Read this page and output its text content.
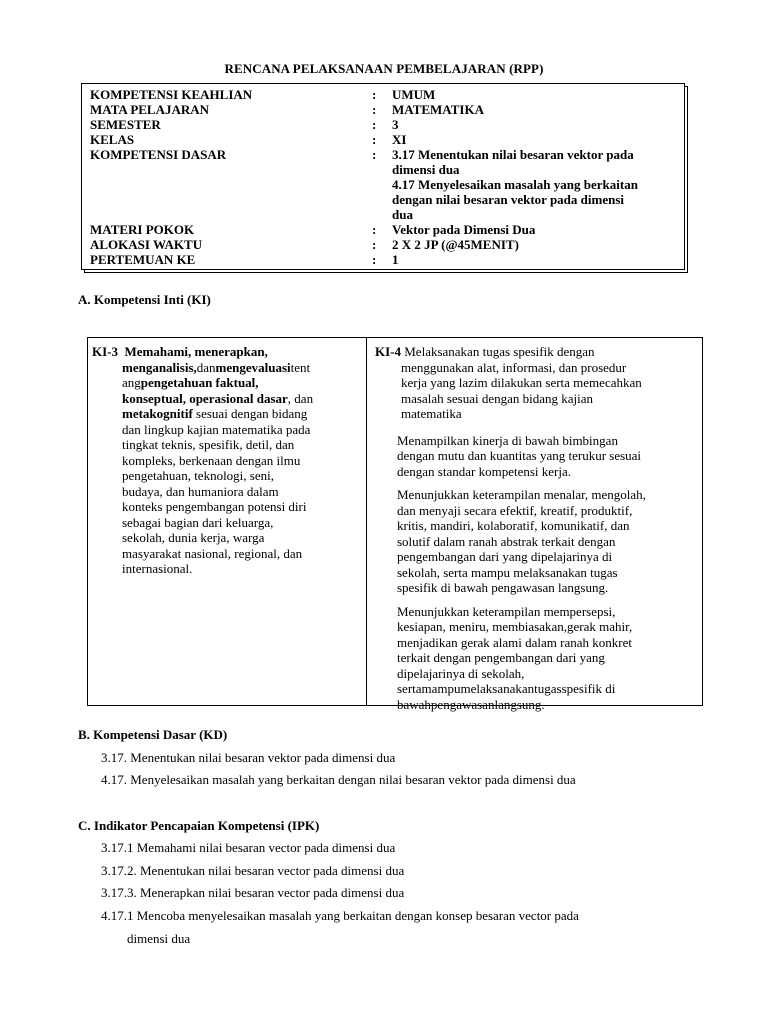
RENCANA PELAKSANAAN PEMBELAJARAN (RPP)
KOMPETENSI KEAHLIAN	: UMUM
MATA PELAJARAN	: MATEMATIKA
SEMESTER	: 3
KELAS	: XI
KOMPETENSI DASAR	: 3.17 Menentukan nilai besaran vektor pada
dimensi dua
4.17 Menyelesaikan masalah yang berkaitan
dengan nilai besaran vektor pada dimensi
dua
MATERI POKOK	: Vektor pada Dimensi Dua
ALOKASI WAKTU	: 2 X 2 JP (@45MENIT)
PERTEMUAN KE	: 1
A. Kompetensi Inti (KI)
KI-3 Memahami, menerapkan,
menganalisis,danmengevaluasitent
angpengetahuan faktual,
konseptual, operasional dasar, dan
metakognitif sesuai dengan bidang
dan lingkup kajian matematika pada
tingkat teknis, spesifik, detil, dan
kompleks, berkenaan dengan ilmu
pengetahuan, teknologi, seni,
budaya, dan humaniora dalam
konteks pengembangan potensi diri
sebagai bagian dari keluarga,
sekolah, dunia kerja, warga
masyarakat nasional, regional, dan
internasional.
KI-4 Melaksanakan tugas spesifik dengan
menggunakan alat, informasi, dan prosedur
kerja yang lazim dilakukan serta memecahkan
masalah sesuai dengan bidang kajian
matematika
Menampilkan kinerja di bawah bimbingan
dengan mutu dan kuantitas yang terukur sesuai
dengan standar kompetensi kerja.
Menunjukkan keterampilan menalar, mengolah,
dan menyaji secara efektif, kreatif, produktif,
kritis, mandiri, kolaboratif, komunikatif, dan
solutif dalam ranah abstrak terkait dengan
pengembangan dari yang dipelajarinya di
sekolah, serta mampu melaksanakan tugas
spesifik di bawah pengawasan langsung.
Menunjukkan keterampilan mempersepsi,
kesiapan, meniru, membiasakan,gerak mahir,
menjadikan gerak alami dalam ranah konkret
terkait dengan pengembangan dari yang
dipelajarinya di sekolah,
sertamampumelaksanakantugasspesifik di
bawahpengawasanlangsung.
B. Kompetensi Dasar (KD)
3.17. Menentukan nilai besaran vektor pada dimensi dua
4.17. Menyelesaikan masalah yang berkaitan dengan nilai besaran vektor pada dimensi dua
C. Indikator Pencapaian Kompetensi (IPK)
3.17.1 Memahami nilai besaran vector pada dimensi dua
3.17.2. Menentukan nilai besaran vector pada dimensi dua
3.17.3. Menerapkan nilai besaran vector pada dimensi dua
4.17.1 Mencoba menyelesaikan masalah yang berkaitan dengan konsep besaran vector pada
dimensi dua
